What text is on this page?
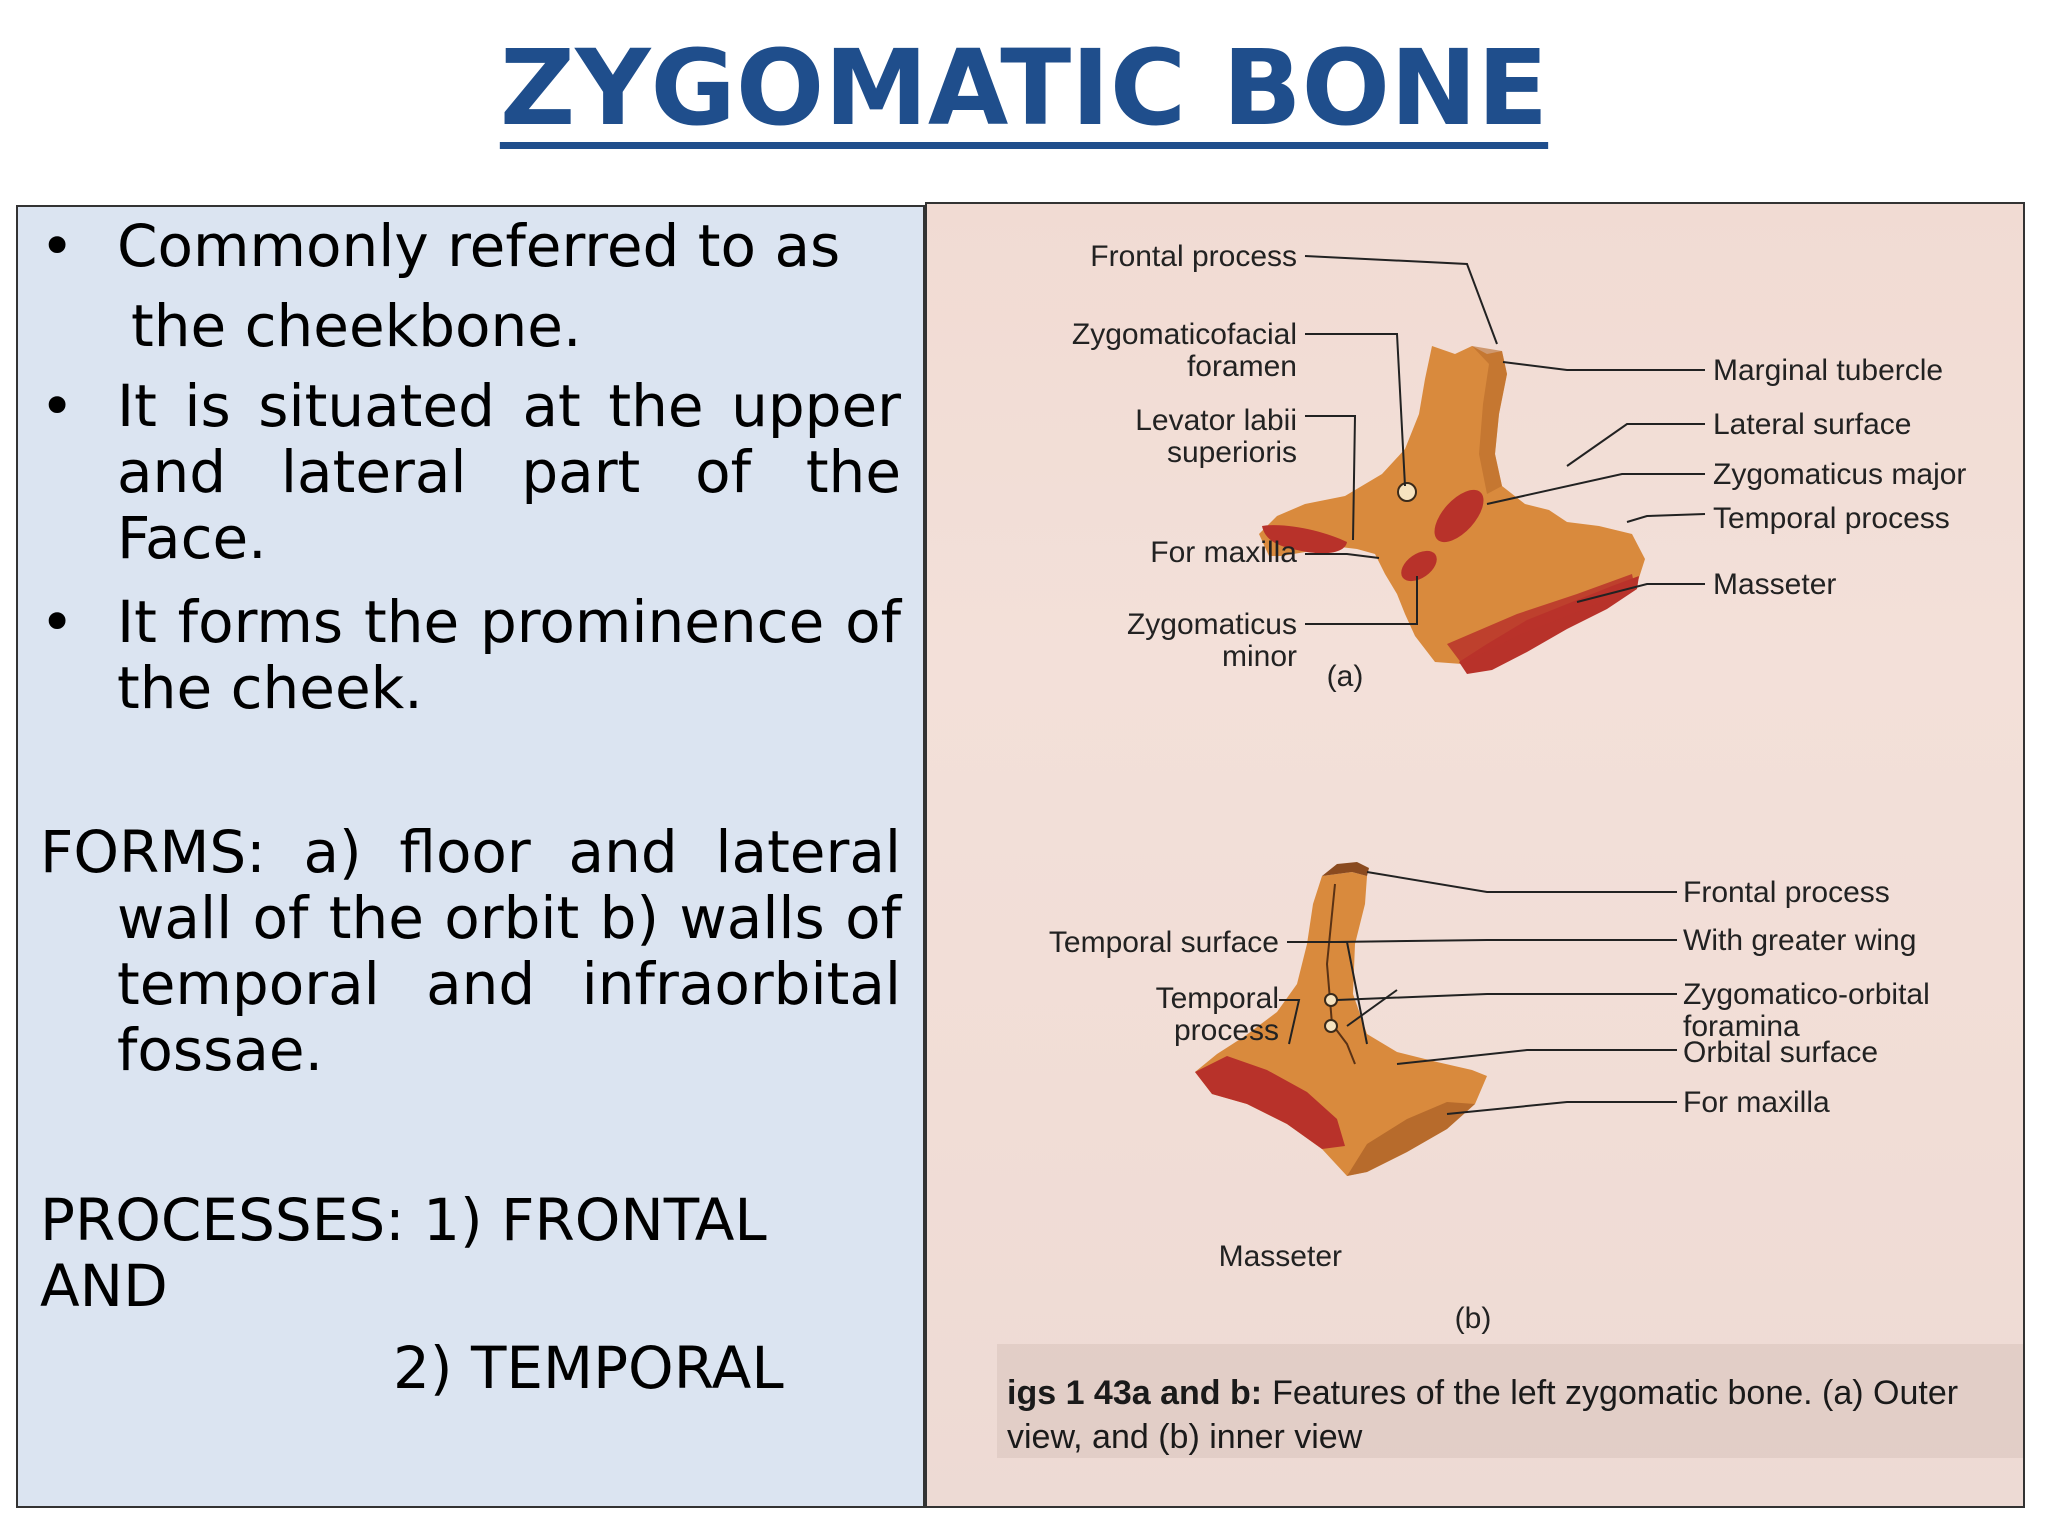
ZYGOMATIC BONE
• Commonly referred to as
the cheekbone.
• It is situated at the upper and lateral part of the Face.
• It forms the prominence of the cheek.

FORMS: a) floor and lateral wall of the orbit b) walls of temporal and infraorbital fossae.

PROCESSES: 1) FRONTAL AND
2) TEMPORAL

Frontal process
Zygomaticofacial
foramen
Levator labii
superioris
For maxilla
Zygomaticus
minor
Marginal tubercle
Lateral surface
Zygomaticus major
Temporal process
Masseter
(a)
Temporal surface
Temporal
process
Masseter
Frontal process
With greater wing
Zygomatico-orbital
foramina
Orbital surface
For maxilla
(b)
igs 1 43a and b: Features of the left zygomatic bone. (a) Outer
view, and (b) inner view
